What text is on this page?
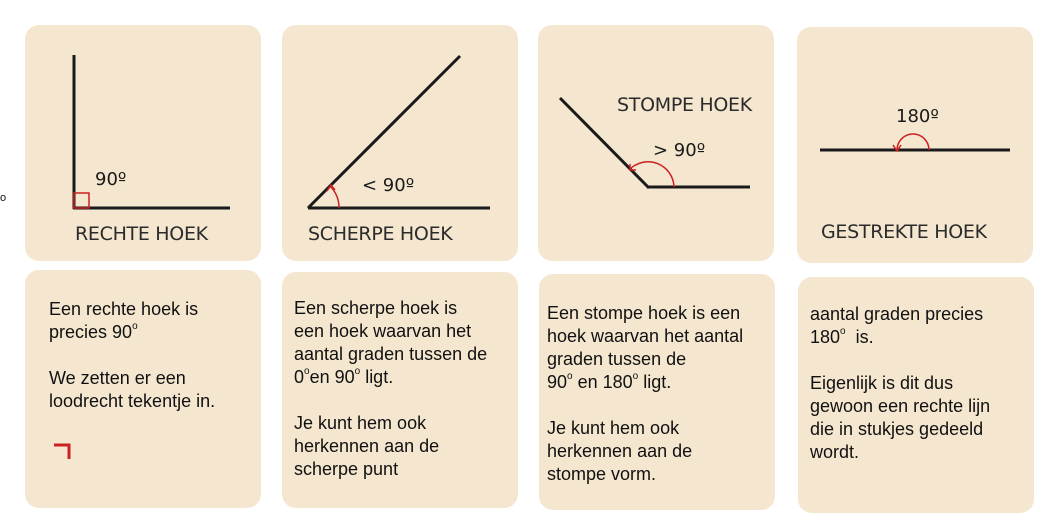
o
90º
RECHTE HOEK
< 90º
SCHERPE HOEK
STOMPE HOEK
> 90º
180º
GESTREKTE HOEK

Een rechte hoek is

precies 90$^o$

We zetten er een

loodrecht tekentje in.

Een scherpe hoek is

een hoek waarvan het

aantal graden tussen de

0$^o$en 90$^o$ ligt.

Je kunt hem ook

herkennen aan de

scherpe punt

Een stompe hoek is een

hoek waarvan het aantal

graden tussen de

90$^o$ en 180$^o$ ligt.

Je kunt hem ook

herkennen aan de

stompe vorm.

aantal graden precies

180$^o$  is.

Eigenlijk is dit dus

gewoon een rechte lijn

die in stukjes gedeeld

wordt.
